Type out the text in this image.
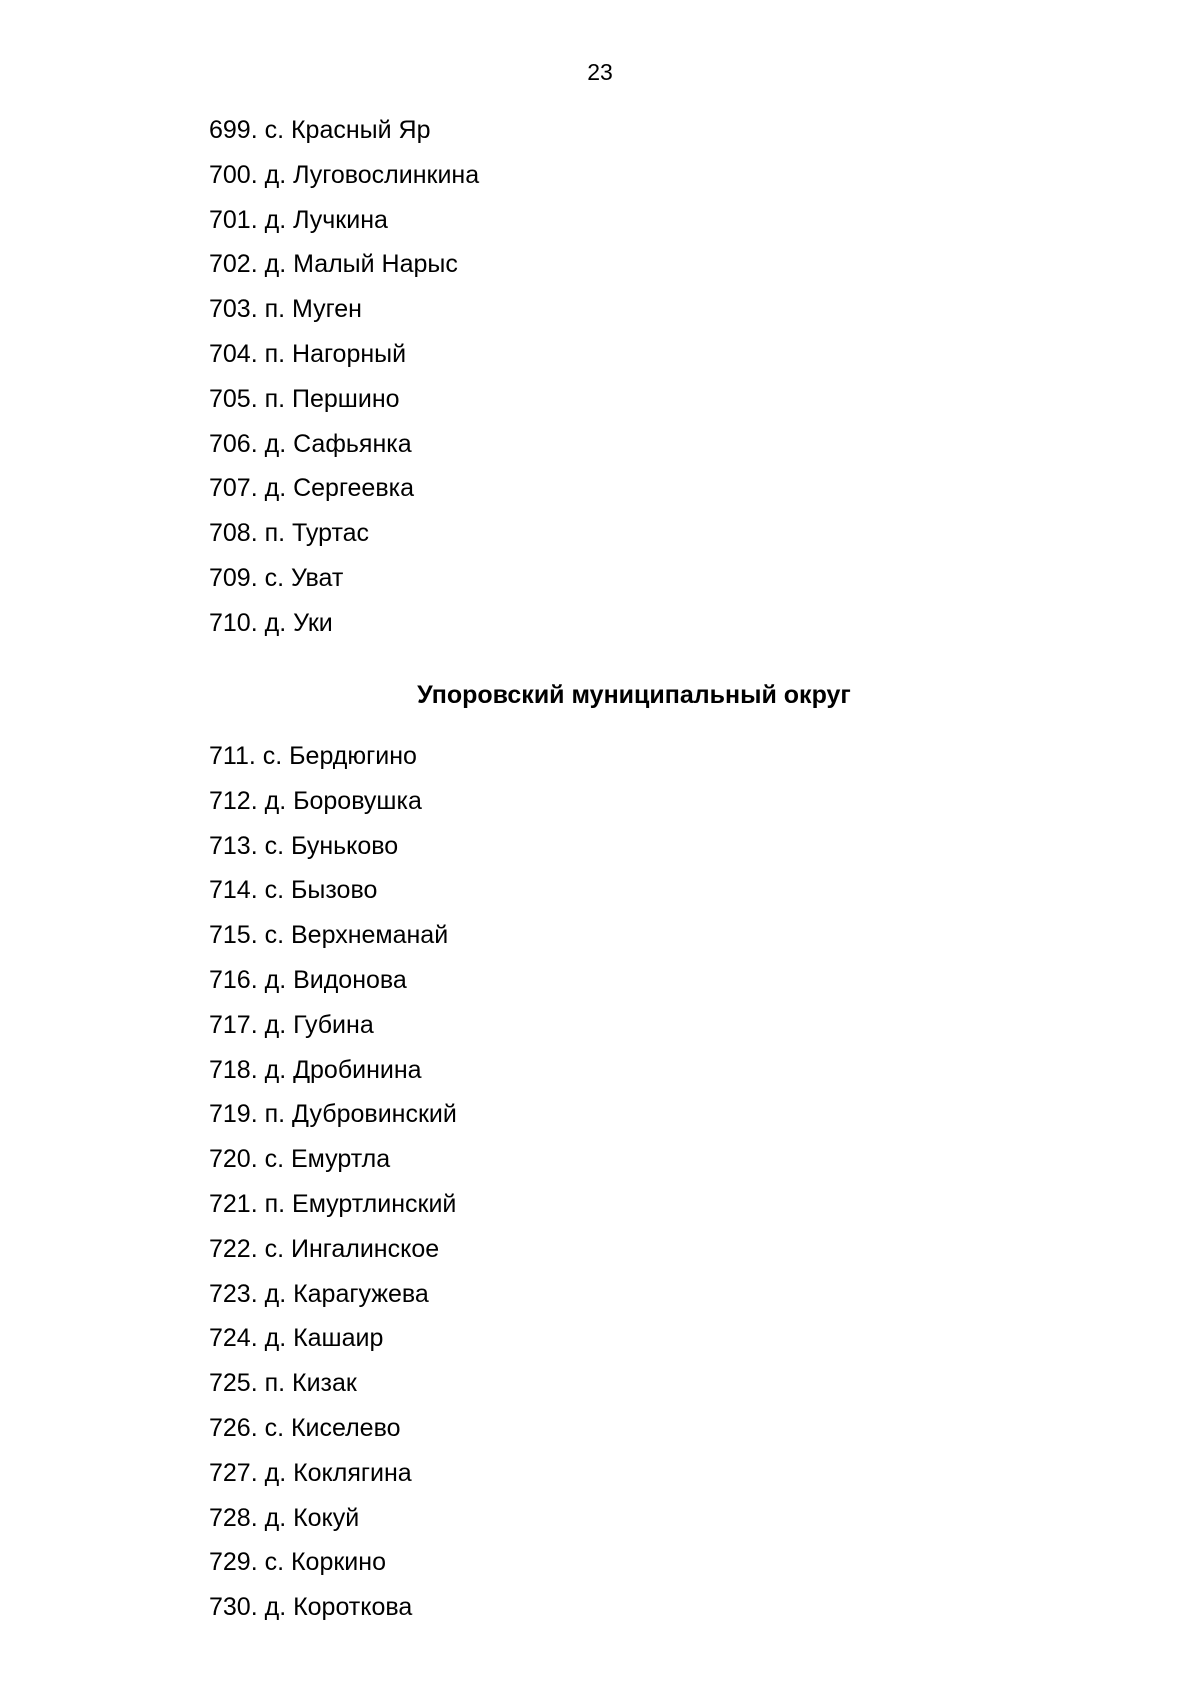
23
699. с. Красный Яр
700. д. Луговослинкина
701. д. Лучкина
702. д. Малый Нарыс
703. п. Муген
704. п. Нагорный
705. п. Першино
706. д. Сафьянка
707. д. Сергеевка
708. п. Туртас
709. с. Уват
710. д. Уки
Упоровский муниципальный округ
711. с. Бердюгино
712. д. Боровушка
713. с. Буньково
714. с. Бызово
715. с. Верхнеманай
716. д. Видонова
717. д. Губина
718. д. Дробинина
719. п. Дубровинский
720. с. Емуртла
721. п. Емуртлинский
722. с. Ингалинское
723. д. Карагужева
724. д. Кашаир
725. п. Кизак
726. с. Киселево
727. д. Коклягина
728. д. Кокуй
729. с. Коркино
730. д. Короткова
